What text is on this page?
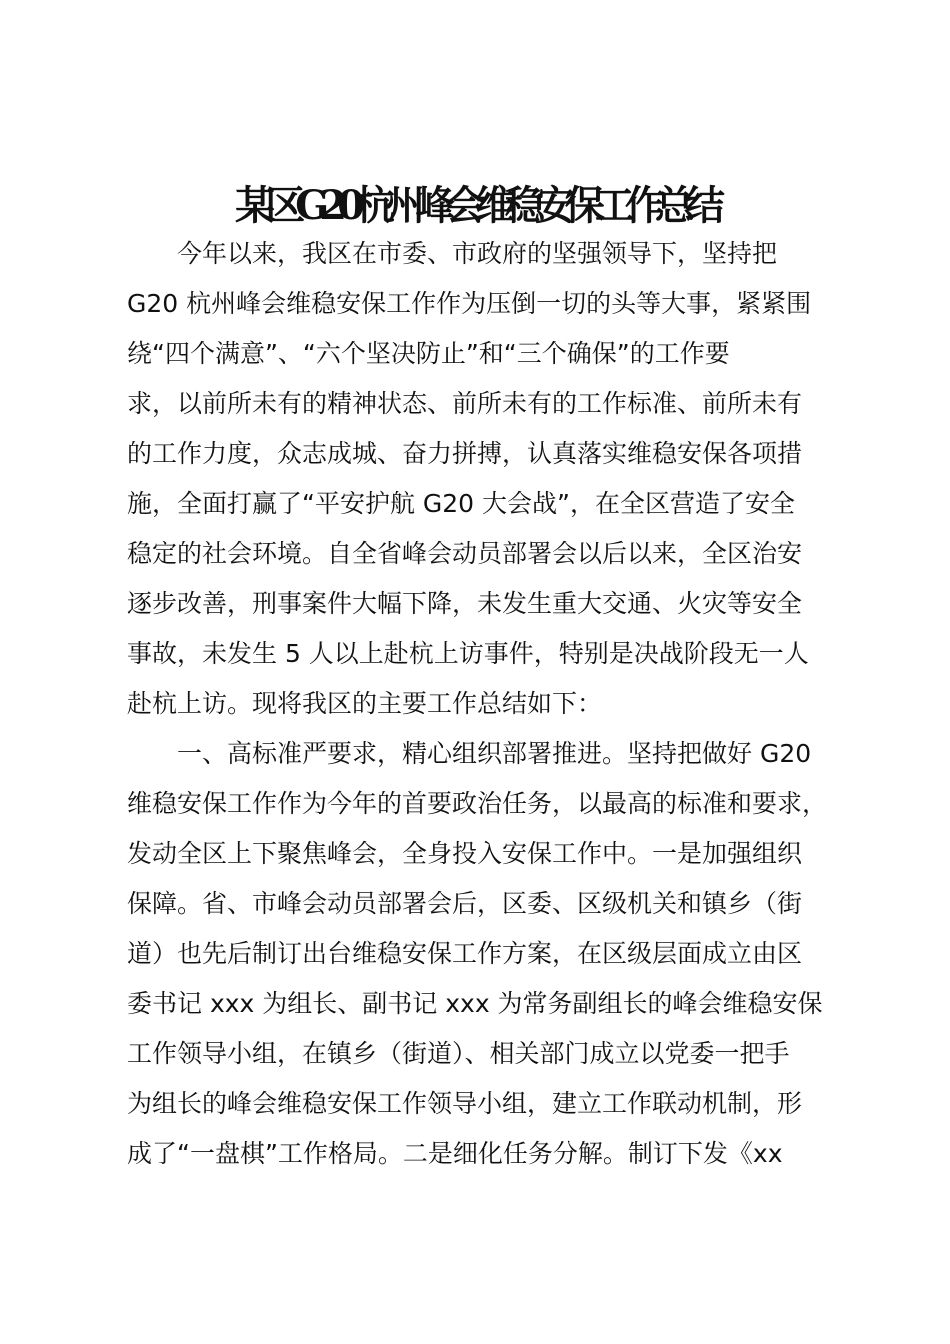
某区G20杭州峰会维稳安保工作总结
今年以来，我区在市委、市政府的坚强领导下，坚持把
G20 杭州峰会维稳安保工作作为压倒一切的头等大事，紧紧围
绕“四个满意”、“六个坚决防止”和“三个确保”的工作要
求，以前所未有的精神状态、前所未有的工作标准、前所未有
的工作力度，众志成城、奋力拼搏，认真落实维稳安保各项措
施，全面打赢了“平安护航 G20 大会战”，在全区营造了安全
稳定的社会环境。自全省峰会动员部署会以后以来，全区治安
逐步改善，刑事案件大幅下降，未发生重大交通、火灾等安全
事故，未发生 5 人以上赴杭上访事件，特别是决战阶段无一人
赴杭上访。现将我区的主要工作总结如下：
一、高标准严要求，精心组织部署推进。坚持把做好 G20
维稳安保工作作为今年的首要政治任务，以最高的标准和要求，
发动全区上下聚焦峰会，全身投入安保工作中。一是加强组织
保障。省、市峰会动员部署会后，区委、区级机关和镇乡（街
道）也先后制订出台维稳安保工作方案，在区级层面成立由区
委书记 xxx 为组长、副书记 xxx 为常务副组长的峰会维稳安保
工作领导小组，在镇乡（街道）、相关部门成立以党委一把手
为组长的峰会维稳安保工作领导小组，建立工作联动机制，形
成了“一盘棋”工作格局。二是细化任务分解。制订下发《xx
